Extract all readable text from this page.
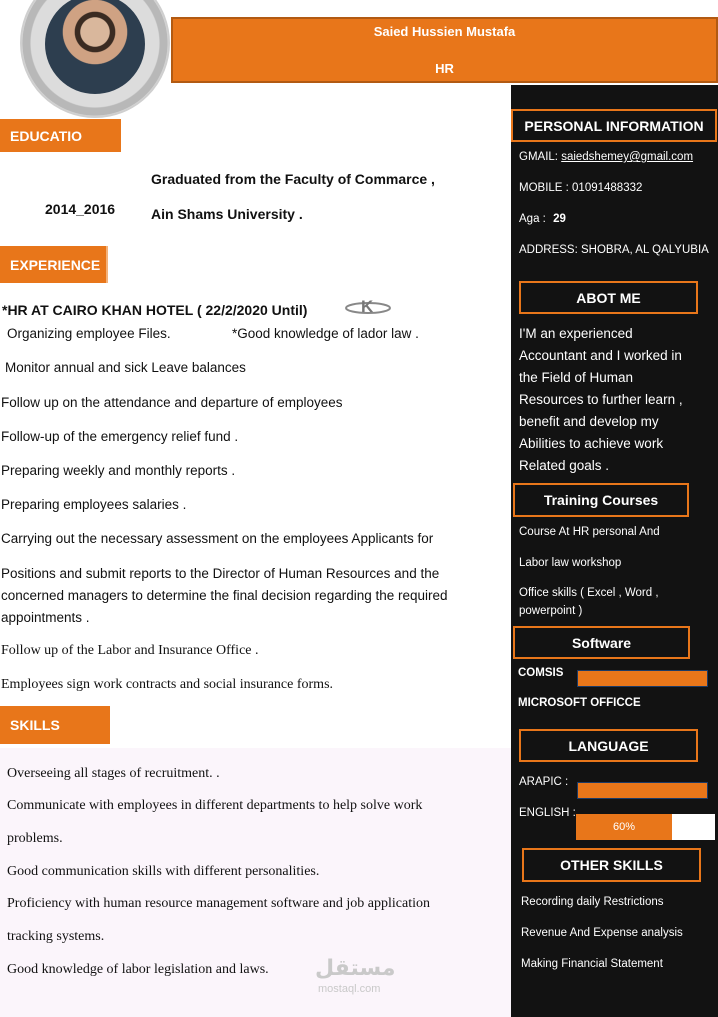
Saied Hussien Mustafa
HR
EDUCATIO
Graduated from the Faculty of Commarce ,
2014_2016	Ain Shams University .
EXPERIENCE
*HR AT CAIRO KHAN HOTEL ( 22/2/2020 Until)	K
Organizing employee Files.	*Good knowledge of lador law .
Monitor annual and sick Leave balances
Follow up on the attendance and departure of employees
Follow-up of the emergency relief fund .
Preparing weekly and monthly reports .
Preparing employees salaries .
Carrying out the necessary assessment on the employees Applicants for
Positions and submit reports to the Director of Human Resources and the
concerned managers to determine the final decision regarding the required
appointments .
Follow up of the Labor and Insurance Office .
Employees sign work contracts and social insurance forms.
SKILLS
Overseeing all stages of recruitment. .
Communicate with employees in different departments to help solve work
problems.
Good communication skills with different personalities.
Proficiency with human resource management software and job application
tracking systems.
Good knowledge of labor legislation and laws. مستقل
mostaql.com
PERSONAL INFORMATION
GMAIL: saiedshemey@gmail.com
MOBILE : 01091488332
Aga : 29
ADDRESS: SHOBRA, AL QALYUBIA
ABOT ME
I'M an experienced
Accountant and I worked in
the Field of Human
Resources to further learn ,
benefit and develop my
Abilities to achieve work
Related goals .
Training Courses
Course At HR personal And
Labor law workshop
Office skills ( Excel , Word ,
powerpoint )
Software
COMSIS
MICROSOFT OFFICCE
LANGUAGE
ARAPIC :
ENGLISH :
60%
OTHER SKILLS
Recording daily Restrictions
Revenue And Expense analysis
Making Financial Statement
